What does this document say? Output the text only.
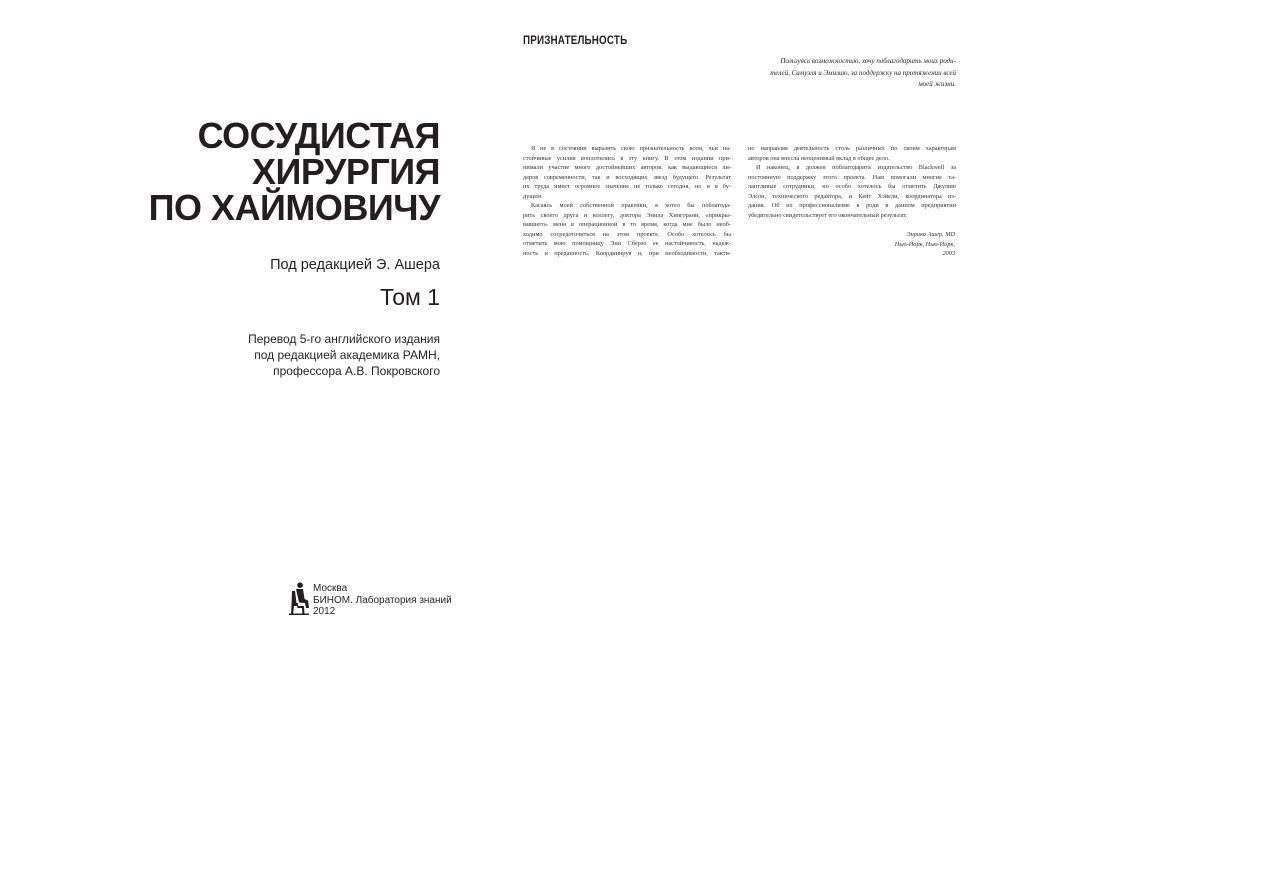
СОСУДИСТАЯ
ХИРУРГИЯ
ПО ХАЙМОВИЧУ
Под редакцией Э. Ашера
Том 1
Перевод 5-го английского издания
под редакцией академика РАМН,
профессора А.В. Покровского
Москва
БИНОМ. Лаборатория знаний
2012
ПРИЗНАТЕЛЬНОСТЬ
Пользуясь возможностью, хочу поблагодарить моих роди-
телей, Самуэля и Эмилию, за поддержку на протяжении всей
моей жизни.
Я не в состоянии выразить свою признательность всем, чьи на-
стойчивые усилия воплотились в эту книгу. В этом издании при-
нимали участие много достойнейших авторов, как выдающиеся ли-
деров современности, так и восходящих звезд будущего. Результат
их труда имеет огромное значение не только сегодня, но и в бу-
дущем.
Касаясь моей собственной практики, я хотел бы поблагода-
рить своего друга и коллегу, доктора Энила Хингорани, «прикры-
вавшего» меня в операционной в то время, когда мне было необ-
ходимо сосредоточиться на этом проекте. Особо хотелось бы
отметить мою помощницу Эни Сберзо ее настойчивость, надеж-
ность и преданность. Координируя и, при необходимости, такти-
но направляя деятельность столь различных по своим характерам
авторов она внесла неоценимый вклад в общее дело.
И наконец, я должен поблагодарить издательство Blackwell за
постоянную поддержку этого проекта. Нам помогали многие та-
лантливые сотрудники, но особо хотелось бы отметить Джулию
Элсон, технического редактора, и Кейт Хэйели, координатора из-
дания. Об их профессионализме в роди в данном предприятии
убедительно свидетельствует его окончательный результат.
Энрико Ашер, MD
Нью-Йорк, Нью-Йорк,
2003
